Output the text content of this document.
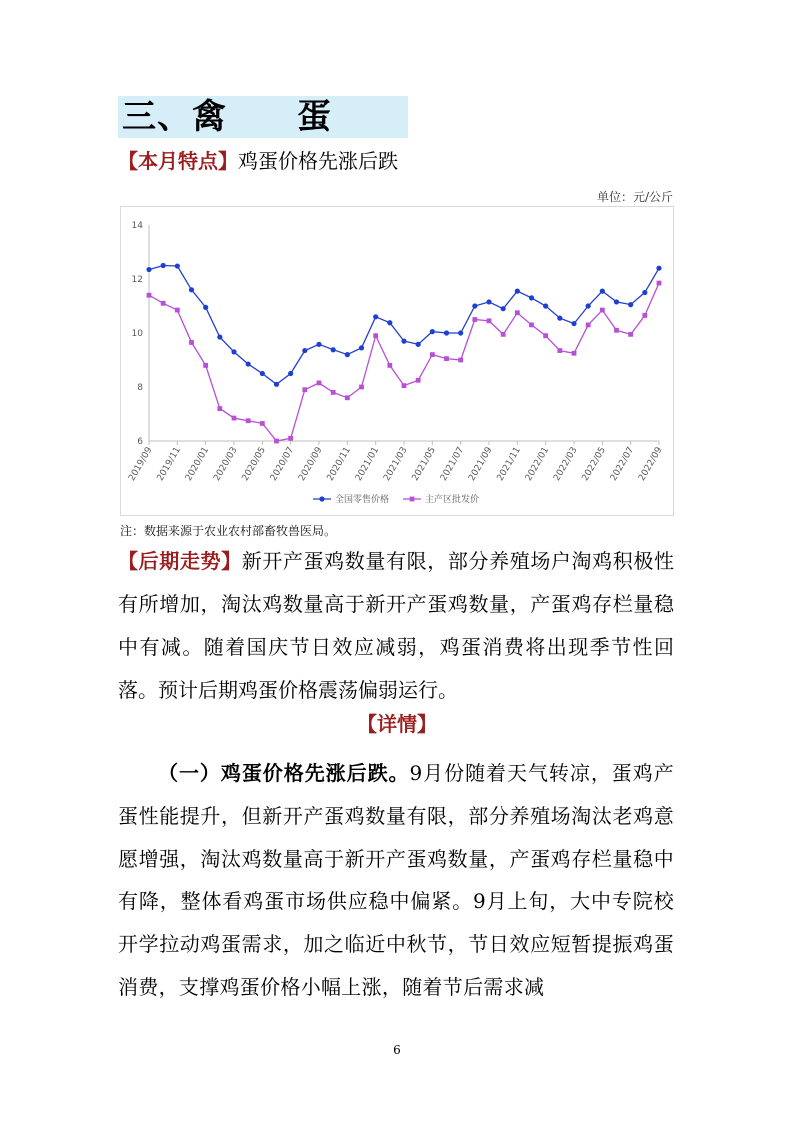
三、禽　　蛋
【本月特点】鸡蛋价格先涨后跌
单位：元/公斤
6
8
10
12
14
2019/09 2019/11 2020/01 2020/03 2020/05 2020/07 2020/09 2020/11 2021/01 2021/03 2021/05 2021/07 2021/09 2021/11 2022/01 2022/03 2022/05 2022/07 2022/09
全国零售价格	主产区批发价
注：数据来源于农业农村部畜牧兽医局。
【后期走势】新开产蛋鸡数量有限，部分养殖场户淘鸡积极性有所增加，淘汰鸡数量高于新开产蛋鸡数量，产蛋鸡存栏量稳中有减。随着国庆节日效应减弱，鸡蛋消费将出现季节性回落。预计后期鸡蛋价格震荡偏弱运行。
【详情】
（一）鸡蛋价格先涨后跌。9月份随着天气转凉，蛋鸡产蛋性能提升，但新开产蛋鸡数量有限，部分养殖场淘汰老鸡意愿增强，淘汰鸡数量高于新开产蛋鸡数量，产蛋鸡存栏量稳中有降，整体看鸡蛋市场供应稳中偏紧。9月上旬，大中专院校开学拉动鸡蛋需求，加之临近中秋节，节日效应短暂提振鸡蛋消费，支撑鸡蛋价格小幅上涨，随着节后需求减
6
